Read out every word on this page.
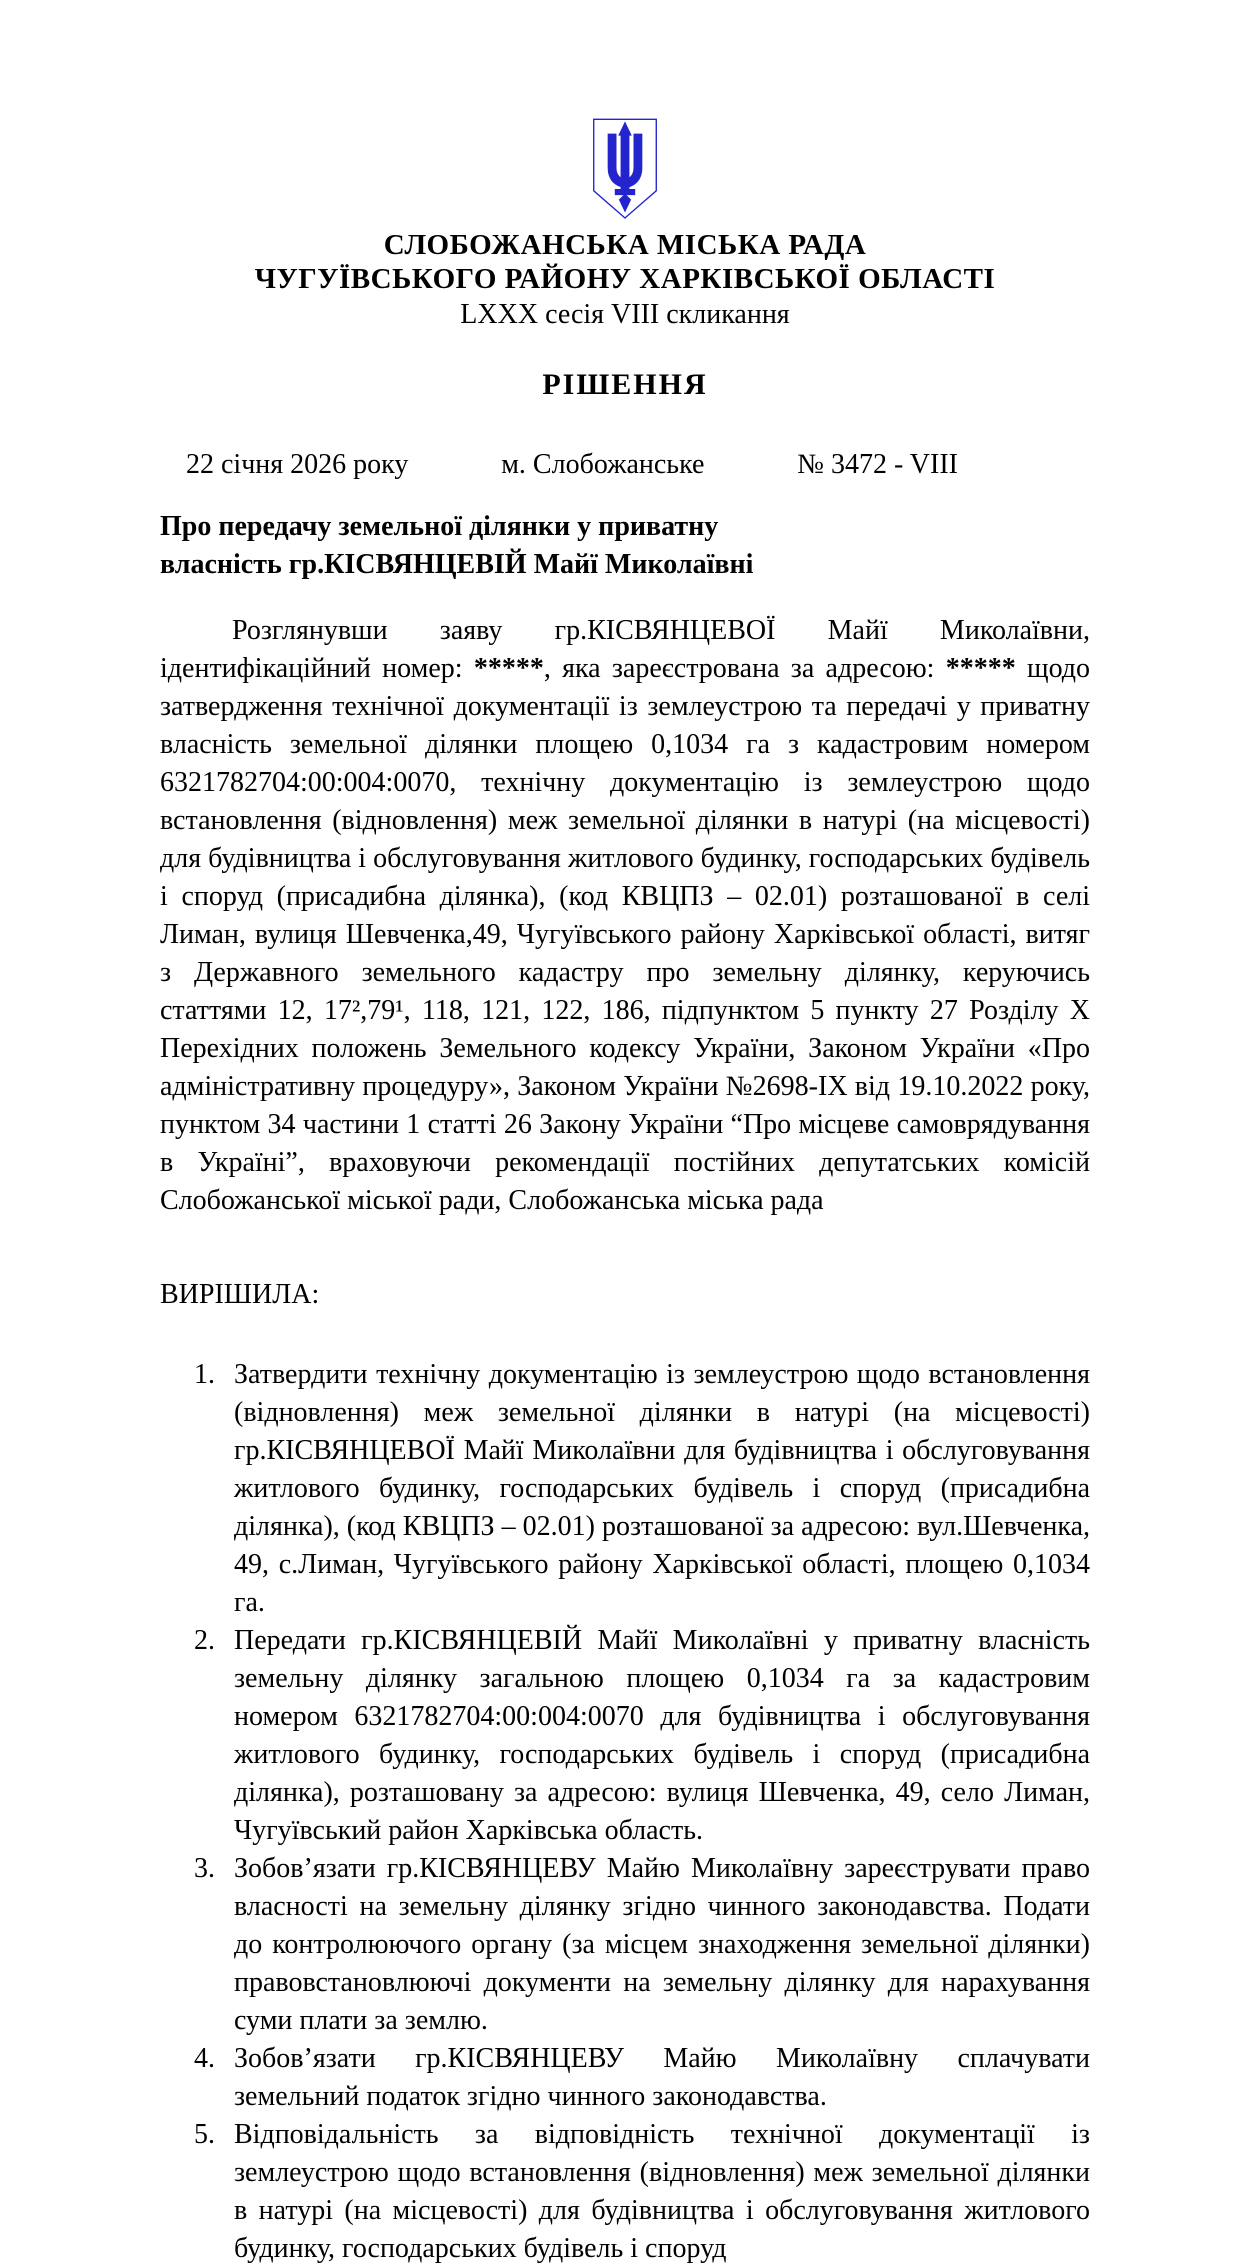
СЛОБОЖАНСЬКА МІСЬКА РАДА
ЧУГУЇВСЬКОГО РАЙОНУ ХАРКІВСЬКОЇ ОБЛАСТІ
LXXX сесія VIII скликання
РІШЕННЯ
22 січня 2026 року	м. Слобожанське	№ 3472 - VIII
Про передачу земельної ділянки у приватну
власність гр.КІСВЯНЦЕВІЙ Майї Миколаївні

Розглянувши заяву гр.КІСВЯНЦЕВОЇ Майї Миколаївни, ідентифікаційний номер: *****, яка зареєстрована за адресою: ***** щодо затвердження технічної документації із землеустрою та передачі у приватну власність земельної ділянки площею 0,1034 га з кадастровим номером 6321782704:00:004:0070, технічну документацію із землеустрою щодо встановлення (відновлення) меж земельної ділянки в натурі (на місцевості) для будівництва і обслуговування житлового будинку, господарських будівель і споруд (присадибна ділянка), (код КВЦПЗ – 02.01) розташованої в селі Лиман, вулиця Шевченка,49, Чугуївського району Харківської області, витяг з Державного земельного кадастру про земельну ділянку, керуючись статтями 12, 17²,79¹, 118, 121, 122, 186, підпунктом 5 пункту 27 Розділу X Перехідних положень Земельного кодексу України, Законом України «Про адміністративну процедуру», Законом України №2698-IX від 19.10.2022 року, пунктом 34 частини 1 статті 26 Закону України “Про місцеве самоврядування в Україні”, враховуючи рекомендації постійних депутатських комісій Слобожанської міської ради, Слобожанська міська рада

ВИРІШИЛА:
1. Затвердити технічну документацію із землеустрою щодо встановлення (відновлення) меж земельної ділянки в натурі (на місцевості) гр.КІСВЯНЦЕВОЇ Майї Миколаївни для будівництва і обслуговування житлового будинку, господарських будівель і споруд (присадибна ділянка), (код КВЦПЗ – 02.01) розташованої за адресою: вул.Шевченка, 49, с.Лиман, Чугуївського району Харківської області, площею 0,1034 га.
2. Передати гр.КІСВЯНЦЕВІЙ Майї Миколаївні у приватну власність земельну ділянку загальною площею 0,1034 га за кадастровим номером 6321782704:00:004:0070 для будівництва і обслуговування житлового будинку, господарських будівель і споруд (присадибна ділянка), розташовану за адресою: вулиця Шевченка, 49, село Лиман, Чугуївський район Харківська область.
3. Зобов’язати гр.КІСВЯНЦЕВУ Майю Миколаївну зареєструвати право власності на земельну ділянку згідно чинного законодавства. Подати до контролюючого органу (за місцем знаходження земельної ділянки) правовстановлюючі документи на земельну ділянку для нарахування суми плати за землю.
4. Зобов’язати гр.КІСВЯНЦЕВУ Майю Миколаївну сплачувати земельний податок згідно чинного законодавства.
5. Відповідальність за відповідність технічної документації із землеустрою щодо встановлення (відновлення) меж земельної ділянки в натурі (на місцевості) для будівництва і обслуговування житлового будинку, господарських будівель і споруд
